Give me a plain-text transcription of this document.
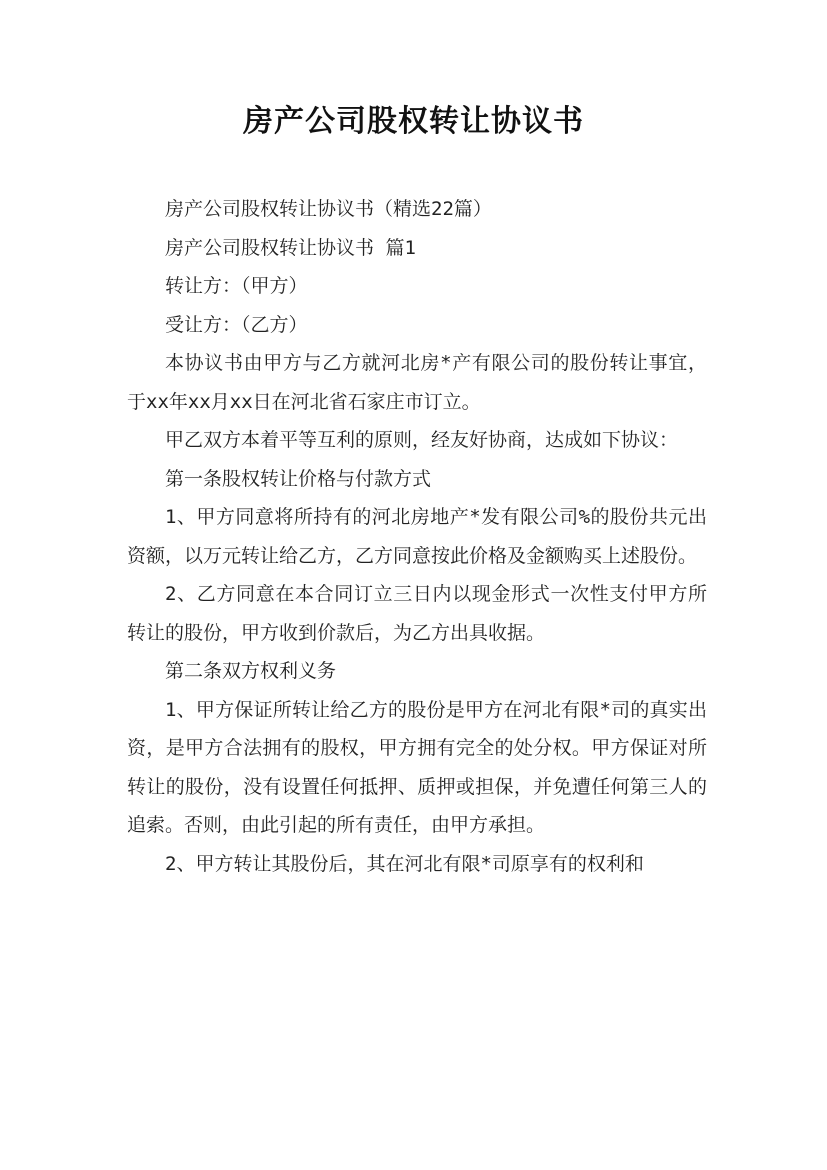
房产公司股权转让协议书

房产公司股权转让协议书（精选22篇）

房产公司股权转让协议书 篇1

转让方：（甲方）

受让方：（乙方）

本协议书由甲方与乙方就河北房*产有限公司的股份转让事宜，于xx年xx月xx日在河北省石家庄市订立。

甲乙双方本着平等互利的原则，经友好协商，达成如下协议：

第一条股权转让价格与付款方式

1、甲方同意将所持有的河北房地产*发有限公司%的股份共元出资额，以万元转让给乙方，乙方同意按此价格及金额购买上述股份。

2、乙方同意在本合同订立三日内以现金形式一次性支付甲方所转让的股份，甲方收到价款后，为乙方出具收据。

第二条双方权利义务

1、甲方保证所转让给乙方的股份是甲方在河北有限*司的真实出资，是甲方合法拥有的股权，甲方拥有完全的处分权。甲方保证对所转让的股份，没有设置任何抵押、质押或担保，并免遭任何第三人的追索。否则，由此引起的所有责任，由甲方承担。

2、甲方转让其股份后，其在河北有限*司原享有的权利和
